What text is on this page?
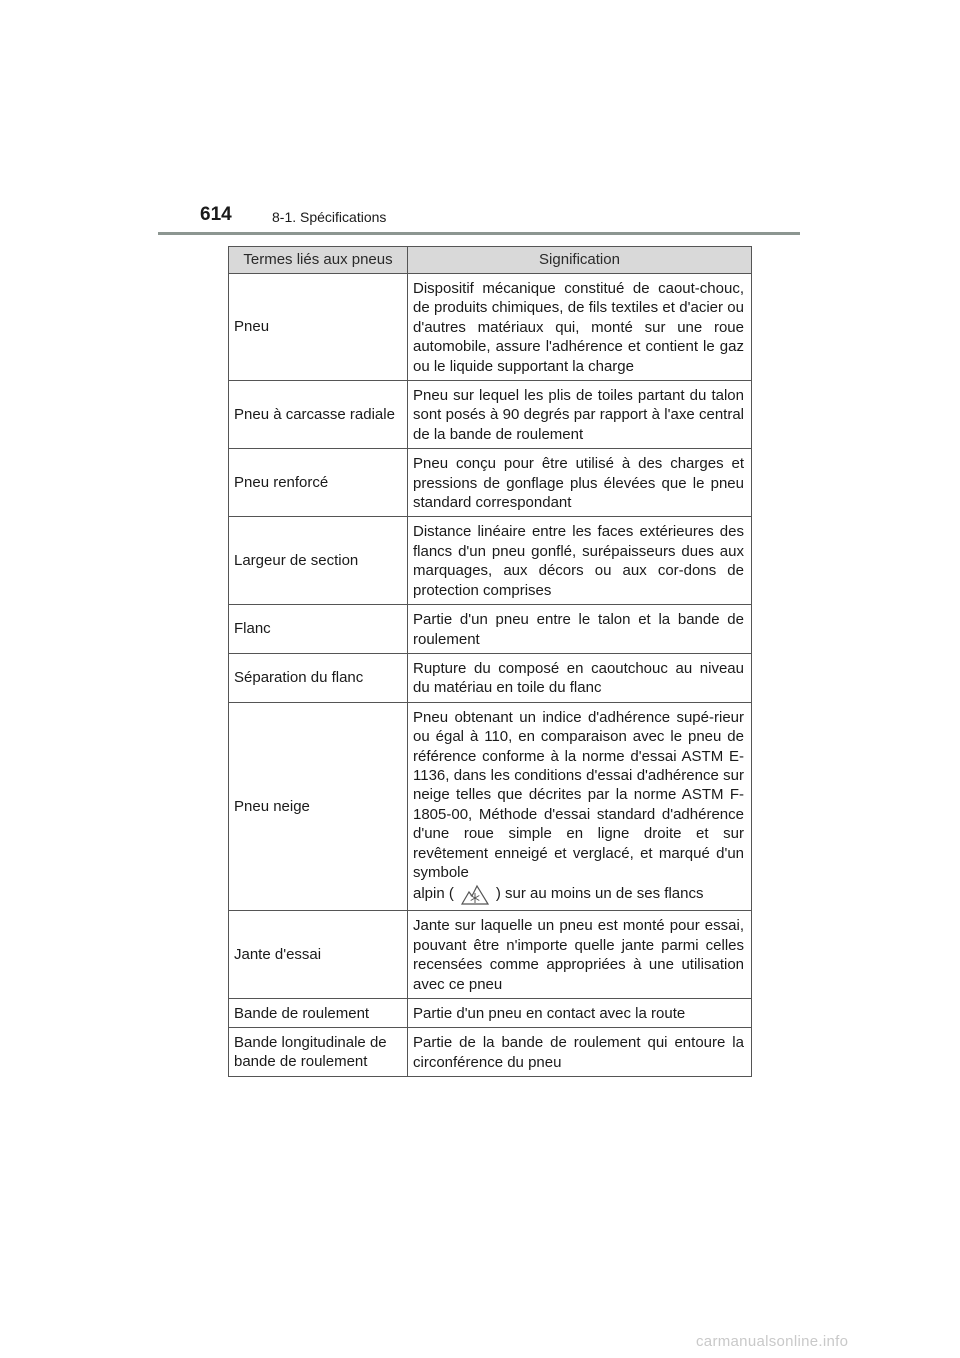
614	8-1. Spécifications
Termes liés aux pneus	Signification
Pneu	Dispositif mécanique constitué de caout-chouc, de produits chimiques, de fils textiles et d'acier ou d'autres matériaux qui, monté sur une roue automobile, assure l'adhérence et contient le gaz ou le liquide supportant la charge
Pneu à carcasse radiale	Pneu sur lequel les plis de toiles partant du talon sont posés à 90 degrés par rapport à l'axe central de la bande de roulement
Pneu renforcé	Pneu conçu pour être utilisé à des charges et pressions de gonflage plus élevées que le pneu standard correspondant
Largeur de section	Distance linéaire entre les faces extérieures des flancs d'un pneu gonflé, surépaisseurs dues aux marquages, aux décors ou aux cor-dons de protection comprises
Flanc	Partie d'un pneu entre le talon et la bande de roulement
Séparation du flanc	Rupture du composé en caoutchouc au niveau du matériau en toile du flanc
Pneu neige	Pneu obtenant un indice d'adhérence supé-rieur ou égal à 110, en comparaison avec le pneu de référence conforme à la norme d'essai ASTM E-1136, dans les conditions d'essai d'adhérence sur neige telles que décrites par la norme ASTM F-1805-00, Méthode d'essai standard d'adhérence d'une roue simple en ligne droite et sur revêtement enneigé et verglacé, et marqué d'un symbole
alpin ( ) sur au moins un de ses flancs
Jante d'essai	Jante sur laquelle un pneu est monté pour essai, pouvant être n'importe quelle jante parmi celles recensées comme appropriées à une utilisation avec ce pneu
Bande de roulement	Partie d'un pneu en contact avec la route
Bande longitudinale de bande de roulement	Partie de la bande de roulement qui entoure la circonférence du pneu
carmanualsonline.info
